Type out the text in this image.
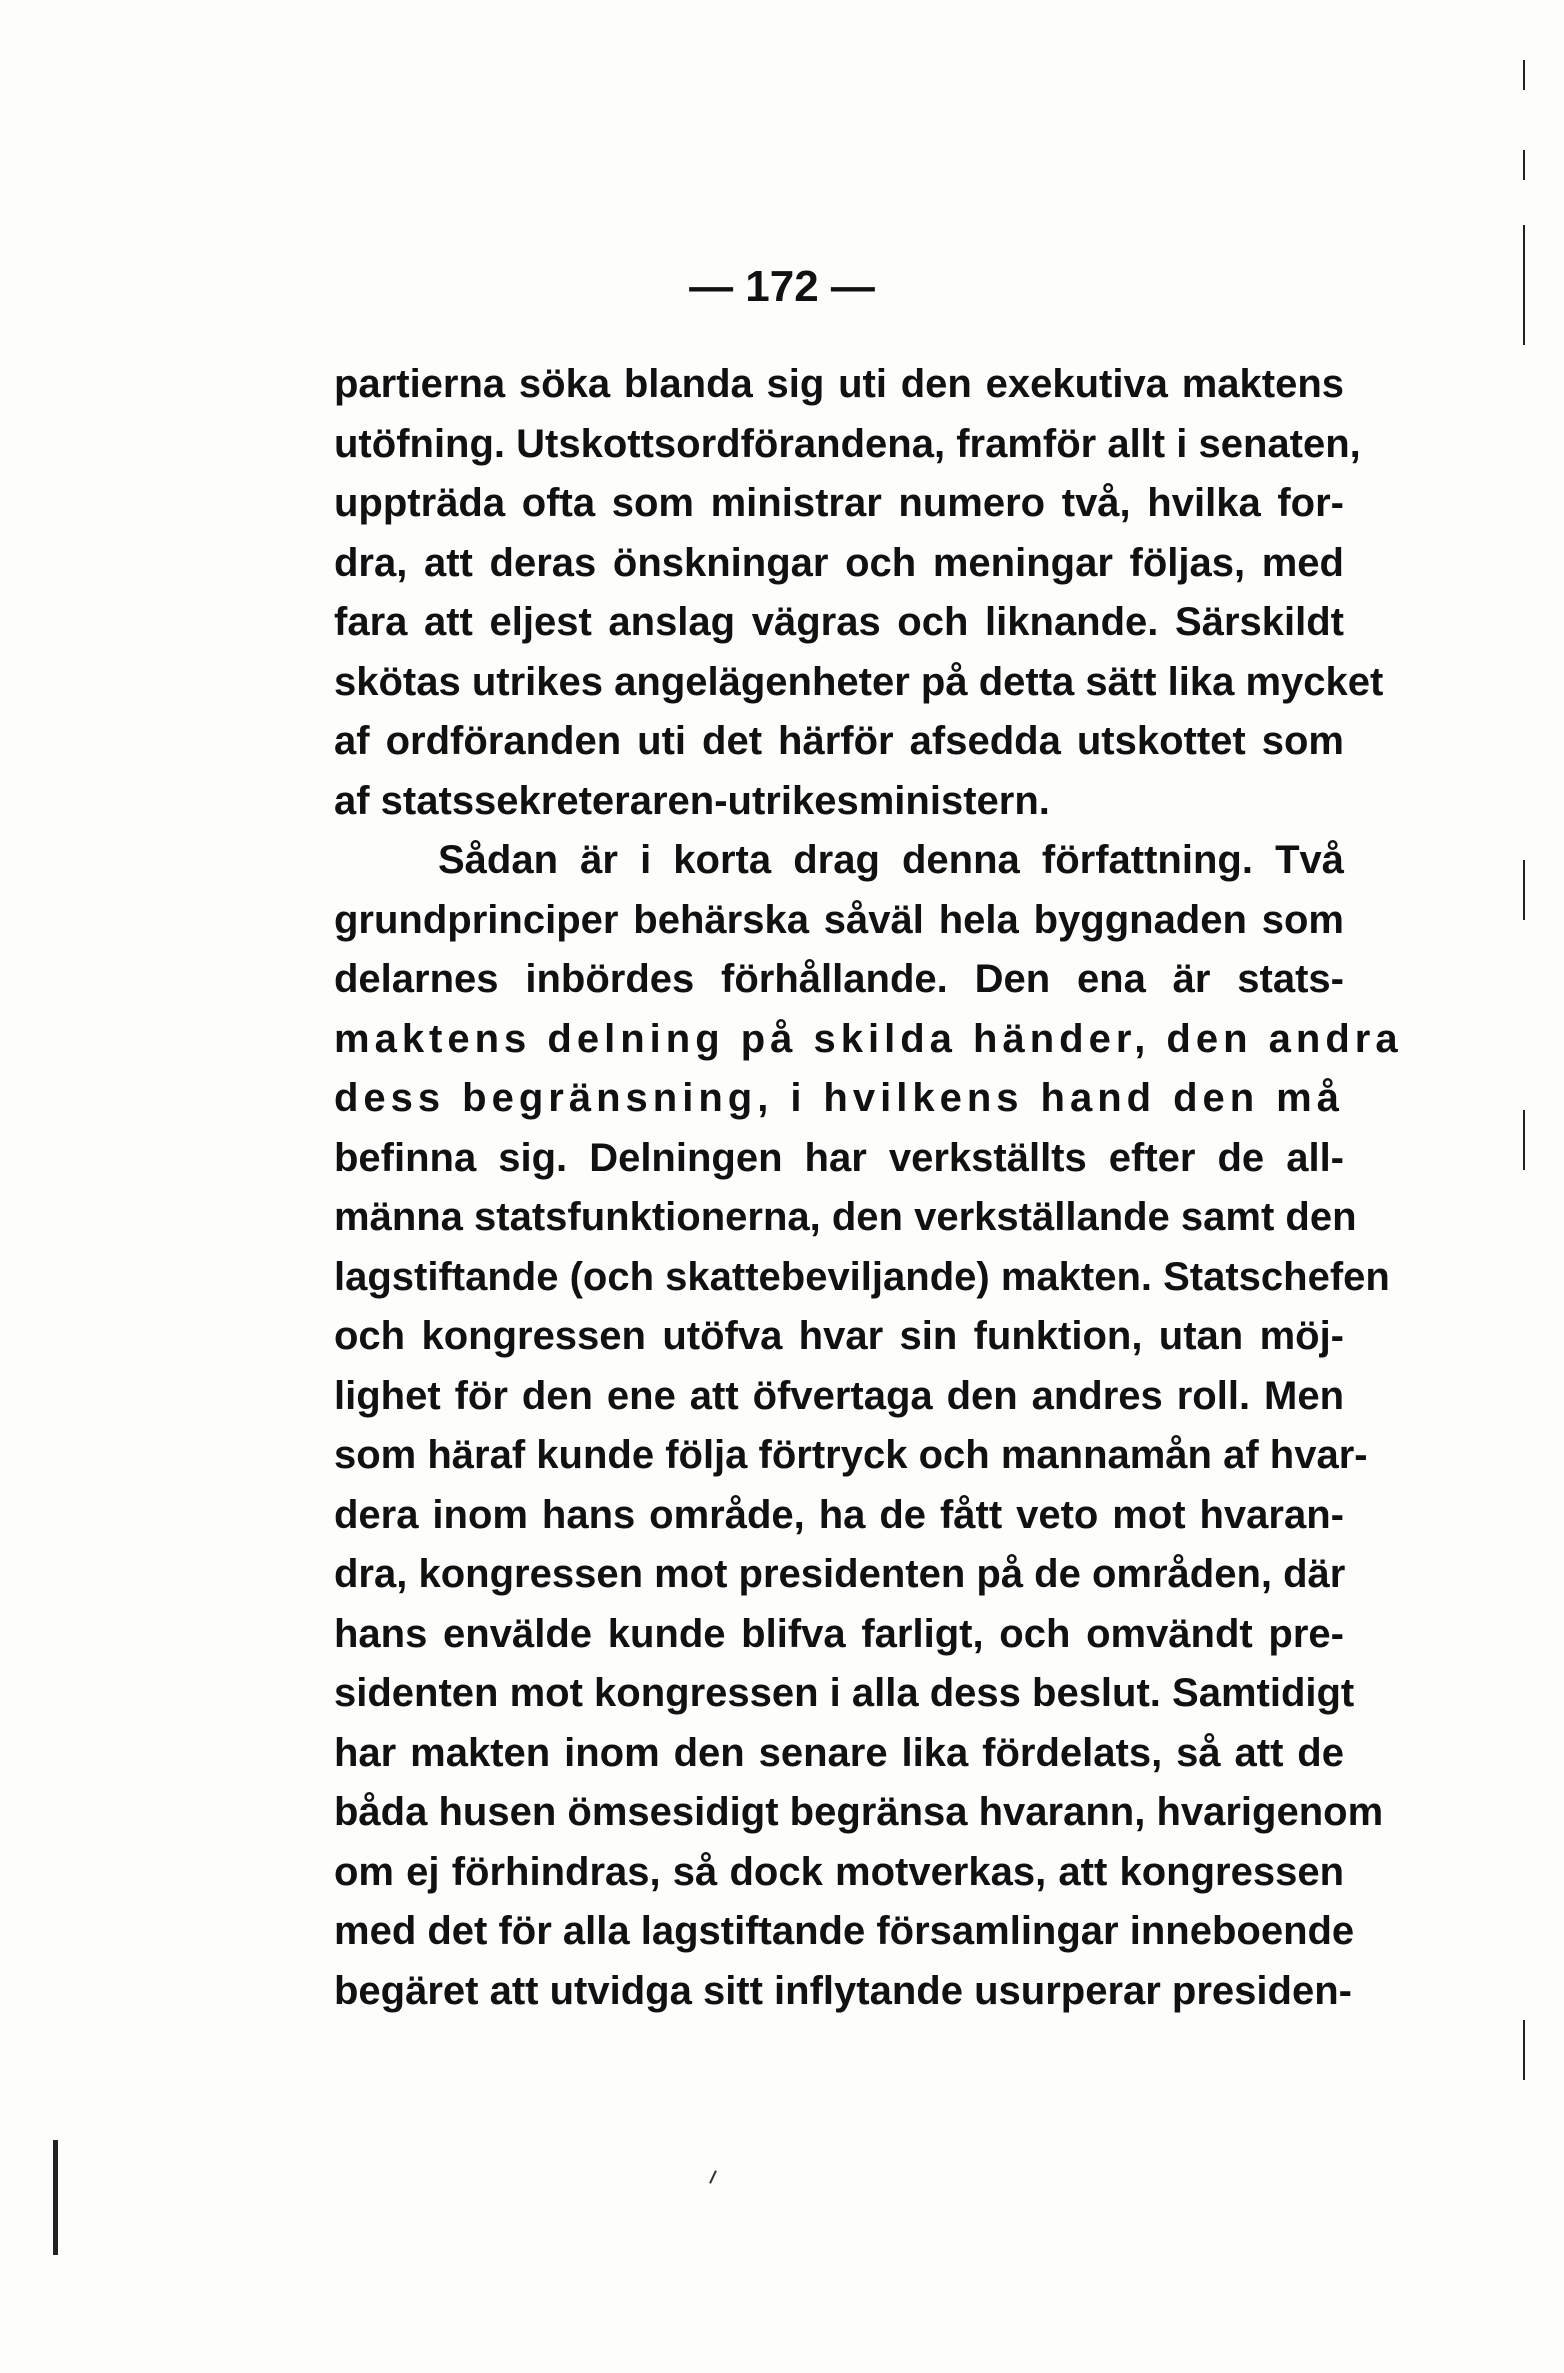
— 172 —
partierna söka blanda sig uti den exekutiva maktens
utöfning. Utskottsordförandena, framför allt i senaten,
uppträda ofta som ministrar numero två, hvilka for-
dra, att deras önskningar och meningar följas, med
fara att eljest anslag vägras och liknande. Särskildt
skötas utrikes angelägenheter på detta sätt lika mycket
af ordföranden uti det härför afsedda utskottet som
af statssekreteraren-utrikesministern.
Sådan är i korta drag denna författning. Två
grundprinciper behärska såväl hela byggnaden som
delarnes inbördes förhållande. Den ena är stats-
maktens delning på skilda händer, den andra
dess begränsning, i hvilkens hand den må
befinna sig. Delningen har verkställts efter de all-
männa statsfunktionerna, den verkställande samt den
lagstiftande (och skattebeviljande) makten. Statschefen
och kongressen utöfva hvar sin funktion, utan möj-
lighet för den ene att öfvertaga den andres roll. Men
som häraf kunde följa förtryck och mannamån af hvar-
dera inom hans område, ha de fått veto mot hvaran-
dra, kongressen mot presidenten på de områden, där
hans envälde kunde blifva farligt, och omvändt pre-
sidenten mot kongressen i alla dess beslut. Samtidigt
har makten inom den senare lika fördelats, så att de
båda husen ömsesidigt begränsa hvarann, hvarigenom
om ej förhindras, så dock motverkas, att kongressen
med det för alla lagstiftande församlingar inneboende
begäret att utvidga sitt inflytande usurperar presiden-
